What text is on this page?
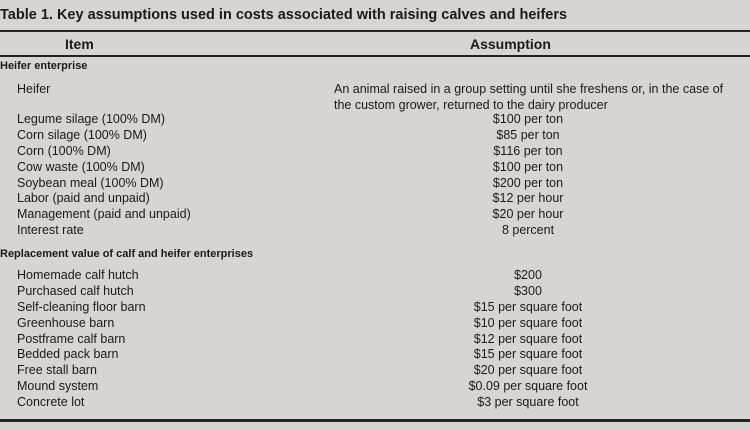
Table 1. Key assumptions used in costs associated with raising calves and heifers
Item	Assumption
Heifer enterprise
Heifer	An animal raised in a group setting until she freshens or, in the case of the custom grower, returned to the dairy producer
Legume silage (100% DM)	$100 per ton
Corn silage (100% DM)	$85 per ton
Corn (100% DM)	$116 per ton
Cow waste (100% DM)	$100 per ton
Soybean meal (100% DM)	$200 per ton
Labor (paid and unpaid)	$12 per hour
Management (paid and unpaid)	$20 per hour
Interest rate	8 percent
Replacement value of calf and heifer enterprises
Homemade calf hutch	$200
Purchased calf hutch	$300
Self-cleaning floor barn	$15 per square foot
Greenhouse barn	$10 per square foot
Postframe calf barn	$12 per square foot
Bedded pack barn	$15 per square foot
Free stall barn	$20 per square foot
Mound system	$0.09 per square foot
Concrete lot	$3 per square foot
